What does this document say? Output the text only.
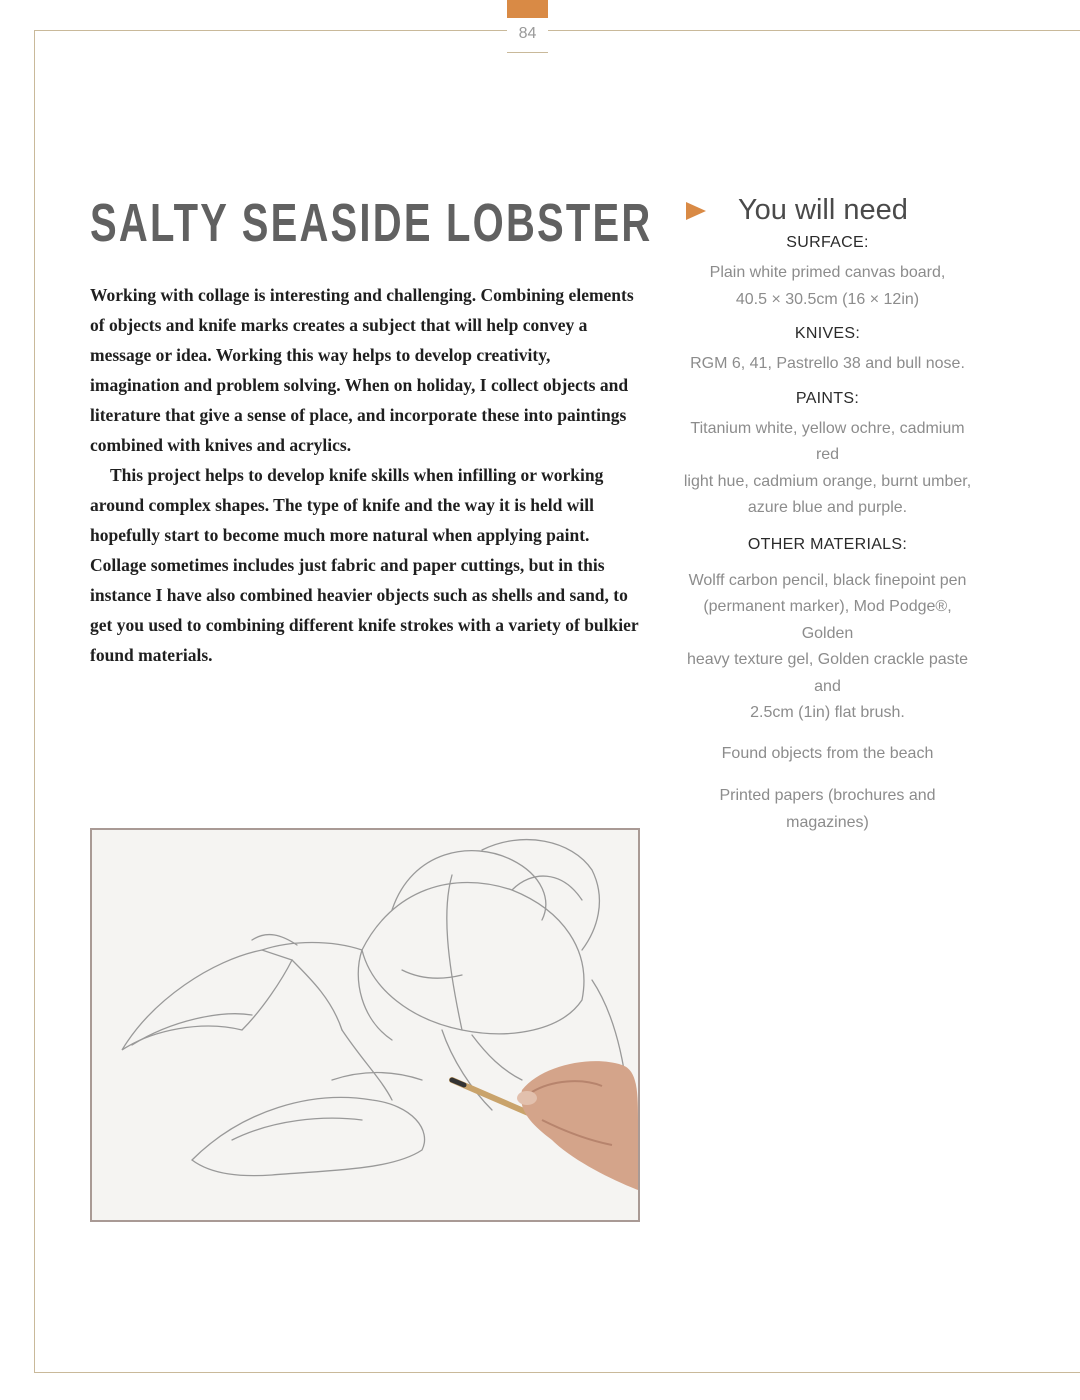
84
SALTY SEASIDE LOBSTER

Working with collage is interesting and challenging. Combining elements of objects and knife marks creates a subject that will help convey a message or idea. Working this way helps to develop creativity, imagination and problem solving. When on holiday, I collect objects and literature that give a sense of place, and incorporate these into paintings combined with knives and acrylics.

This project helps to develop knife skills when infilling or working around complex shapes. The type of knife and the way it is held will hopefully start to become much more natural when applying paint. Collage sometimes includes just fabric and paper cuttings, but in this instance I have also combined heavier objects such as shells and sand, to get you used to combining different knife strokes with a variety of bulkier found materials.

You will need
SURFACE:
Plain white primed canvas board,
40.5 × 30.5cm (16 × 12in)
KNIVES:
RGM 6, 41, Pastrello 38 and bull nose.
PAINTS:
Titanium white, yellow ochre, cadmium red
light hue, cadmium orange, burnt umber,
azure blue and purple.
OTHER MATERIALS:
Wolff carbon pencil, black finepoint pen
(permanent marker), Mod Podge®, Golden
heavy texture gel, Golden crackle paste and
2.5cm (1in) flat brush.
Found objects from the beach
Printed papers (brochures and magazines)
